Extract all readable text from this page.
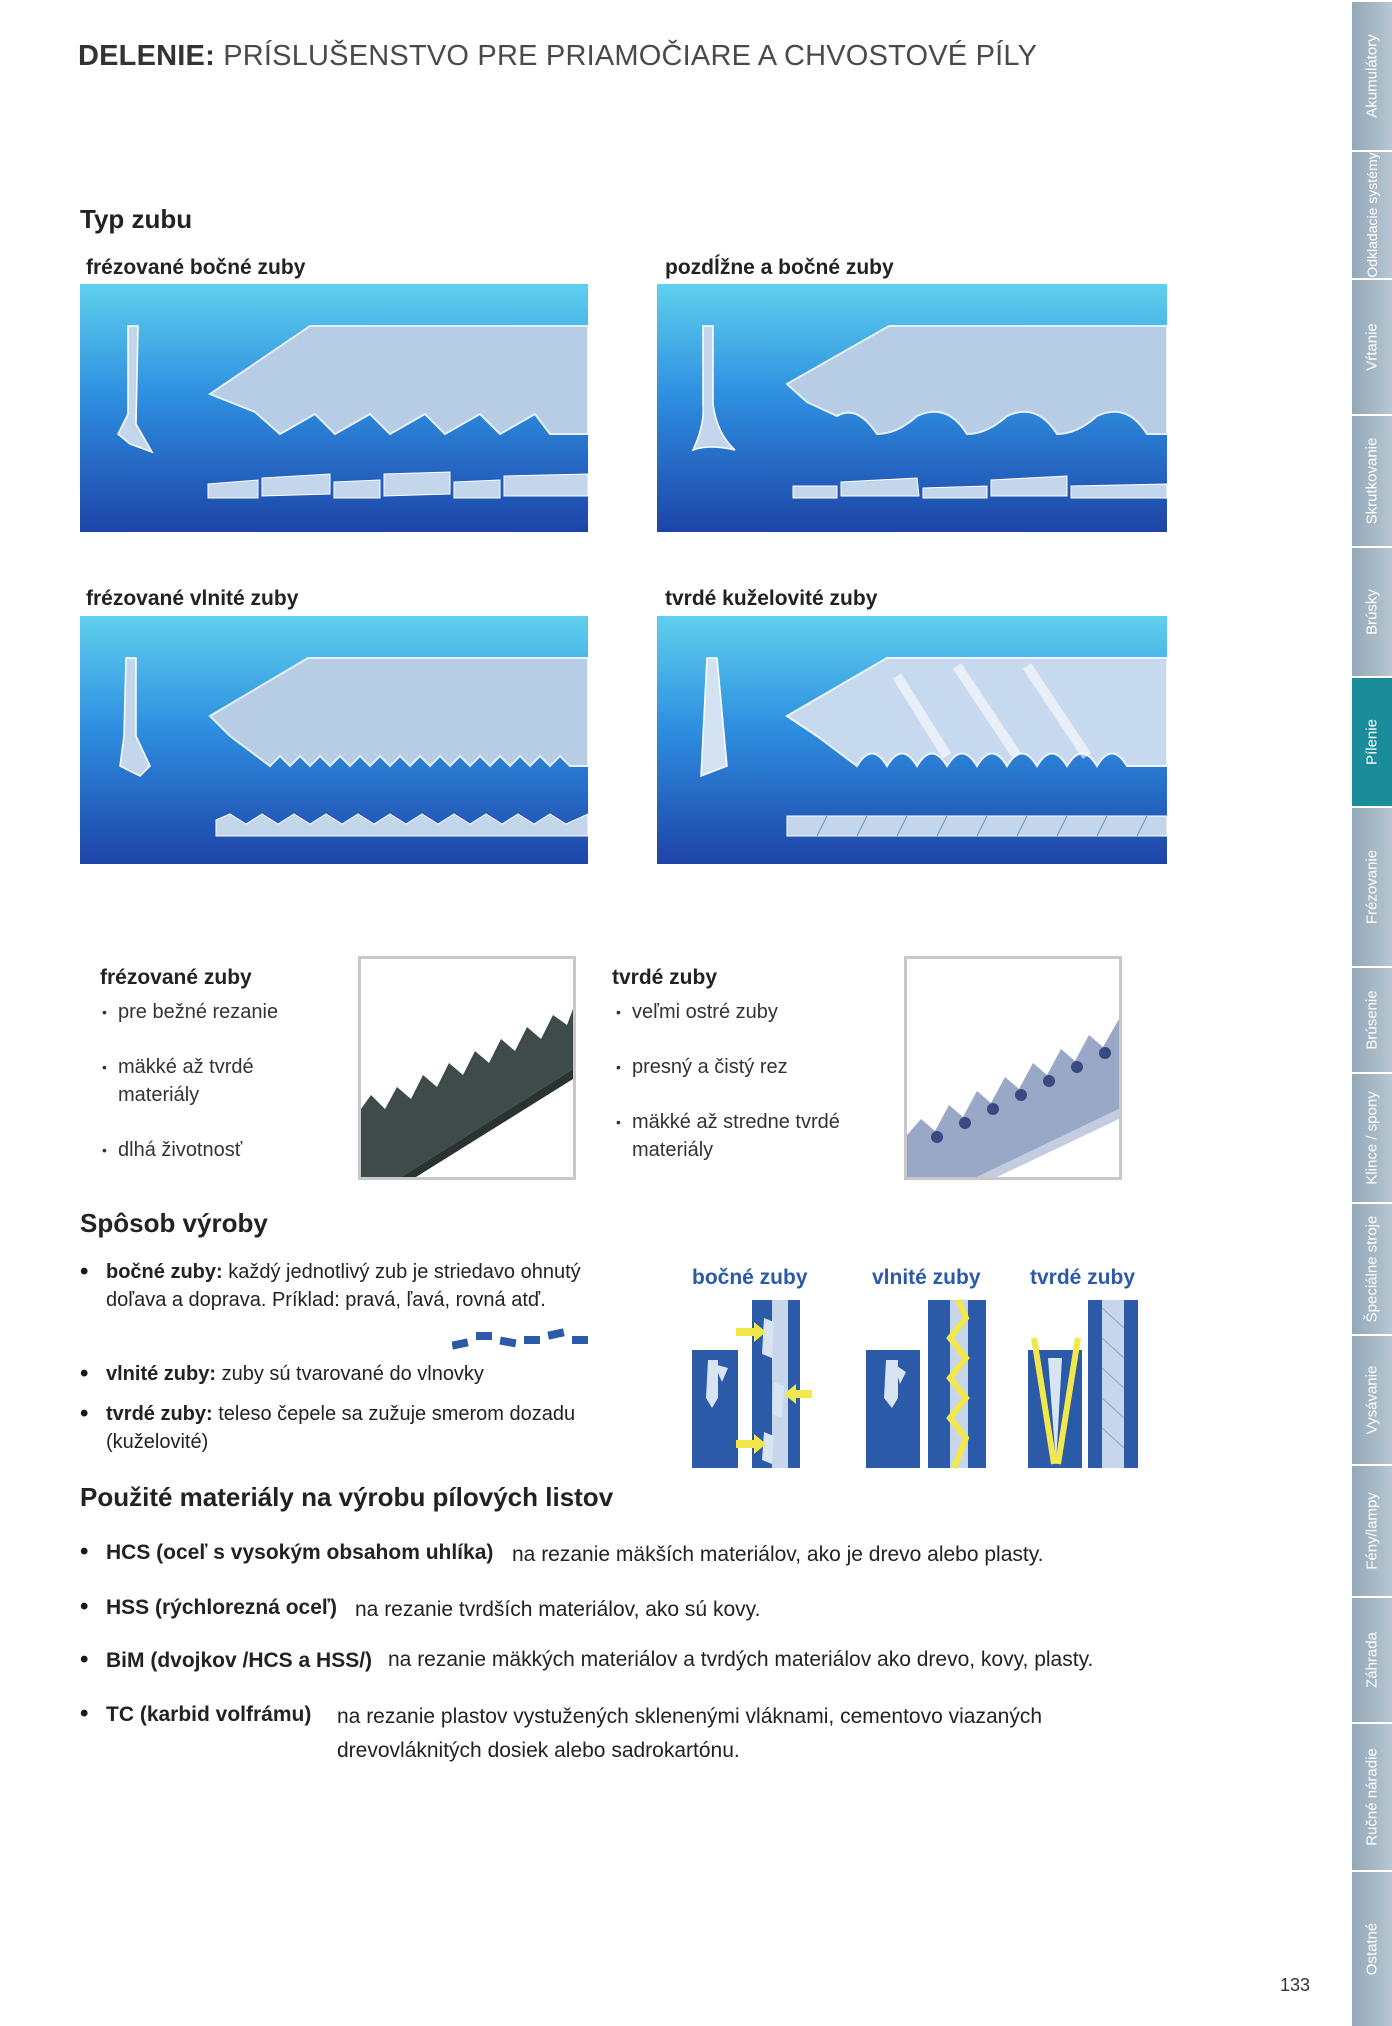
DELENIE: PRÍSLUŠENSTVO PRE PRIAMOČIARE A CHVOSTOVÉ PÍLY
Typ zubu
frézované bočné zuby	pozdĺžne a bočné zuby
frézované vlnité zuby	tvrdé kuželovité zuby
frézované zuby
• pre bežné rezanie
• mäkké až tvrdé materiály
• dlhá životnosť
tvrdé zuby
• veľmi ostré zuby
• presný a čistý rez
• mäkké až stredne tvrdé materiály
Spôsob výroby
• bočné zuby: každý jednotlivý zub je striedavo ohnutý doľava a doprava. Príklad: pravá, ľavá, rovná atď.
• vlnité zuby: zuby sú tvarované do vlnovky
• tvrdé zuby: teleso čepele sa zužuje smerom dozadu (kuželovité)
bočné zuby	vlnité zuby tvrdé zuby
Použité materiály na výrobu pílových listov
• HCS (oceľ s vysokým obsahom uhlíka) na rezanie mäkších materiálov, ako je drevo alebo plasty.
• HSS (rýchlorezná oceľ) na rezanie tvrdších materiálov, ako sú kovy.
• BiM (dvojkov /HCS a HSS/) na rezanie mäkkých materiálov a tvrdých materiálov ako drevo, kovy, plasty.
• TC (karbid volfrámu) na rezanie plastov vystužených sklenenými vláknami, cementovo viazaných drevovláknitých dosiek alebo sadrokartónu.
Akumulátory
Odkladacie systémy
Vŕtanie
Skrutkovanie
Brúsky
Pílenie
Frézovanie
Brúsenie
Klince / spony
Špeciálne stroje
Vysávanie
Fény/lampy
Záhrada
Ručné náradie
Ostatné
133
